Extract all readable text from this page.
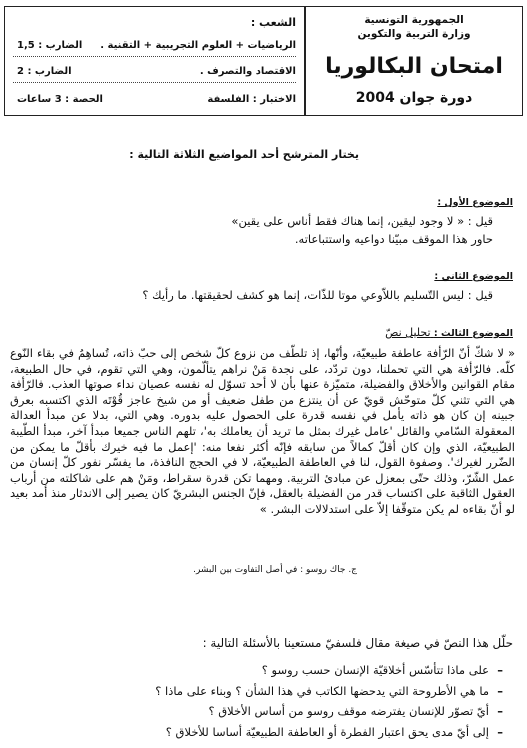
الجمهورية التونسية
وزارة التربية والتكوين
امتحان البكالوريا
دورة جوان 2004
الشعب :
الرياضيات + العلوم التجريبية + التقنية .
الضارب : 1,5
الاقتصاد والتصرف .
الضارب : 2
الاختبار : الفلسفة
الحصة : 3 ساعات
يختار المترشح أحد المواضيع الثلاثة التالية :
الموضوع الأول :
قيل : « لا وجود ليقين، إنما هناك فقط أناس على يقين»
حاور هذا الموقف مبيّنا دواعيه واستتباعاته.
الموضوع الثاني :
قيل : ليس التّسليم باللاّوعي موتا للذّات، إنما هو كشف لحقيقتها. ما رأيك ؟
الموضوع الثالث : تحليل نصّ
« لا شكّ أنّ الرّأفة عاطفة طبيعيّة، وأنّها، إذ تلطّف من نزوع كلّ شخص إلى حبّ ذاته، تُساهِمُ في بقاء النّوع كلّه. فالرّأفة هي التي تحملنا، دون تردّد، على نجدة مَنْ نراهم يتألّمون، وهي التي تقوم، في حال الطبيعة، مقام القوانين والأخلاق والفضيلة، متميّزة عنها بأن لا أحد تسوّل له نفسه عصيان نداء صوتها العذب. فالرّأفة هي التي تثني كلّ متوحّش قويّ عن أن ينتزع من طفل ضعيف أو من شيخ عاجز قُوْتَه الذي اكتسبه بعرق جبينه إن كان هو ذاته يأمل في نفسه قدرة على الحصول عليه بدوره. وهي التي، بدلا عن مبدأ العدالة المعقولة السّامي والقائل 'عامل غيرك بمثل ما تريد أن يعاملك به'، تلهم الناس جميعا مبدأ آخر، مبدأ الطّيبة الطبيعيّة، الذي وإن كان أقلّ كمالاً من سابقه فإنّه أكثر نفعا منه: 'إعمل ما فيه خيرك بأقلّ ما يمكن من الضّرر لغيرك'. وصفوة القول، لنا في العاطفة الطبيعيّة، لا في الحجج النافذة، ما يفسّر نفور كلّ إنسان من عمل الشّرّ، وذلك حتّى بمعزل عن مبادئ التربية. ومهما تكن قدرة سقراط، ومَنْ هم على شاكلته من أرباب العقول الثاقبة على اكتساب قدر من الفضيلة بالعقل، فإنّ الجنس البشريّ كان يصير إلى الاندثار منذ أمد بعيد لو أنّ بقاءه لم يكن متوقّفا إلاّ على استدلالات البشر. »
ج. جاك روسو : في أصل التفاوت بين البشر.
حلّل هذا النصّ في صيغة مقال فلسفيّ مستعينا بالأسئلة التالية :
–
على ماذا تتأسّس أخلاقيّة الإنسان حسب روسو ؟
–
ما هي الأطروحة التي يدحضها الكاتب في هذا الشأن ؟ وبناء على ماذا ؟
–
أيّ تصوّر للإنسان يفترضه موقف روسو من أساس الأخلاق ؟
–
إلى أيّ مدى يحق اعتبار الفطرة أو العاطفة الطبيعيّة أساسا للأخلاق ؟
